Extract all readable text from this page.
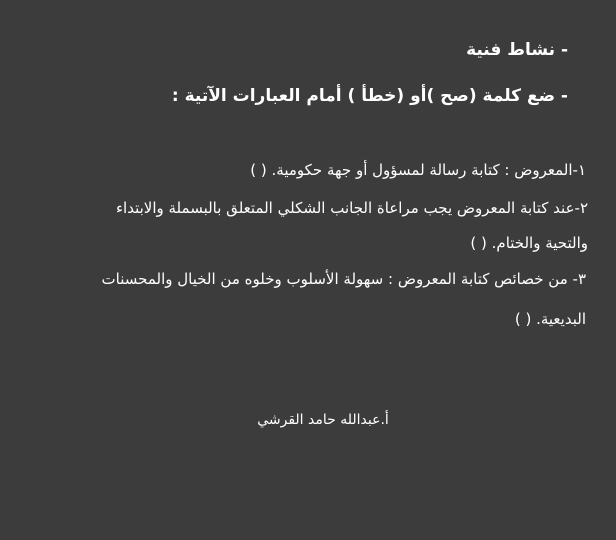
- نشاط فنية
- ضع كلمة (صح )أو (خطأ ) أمام العبارات الآتية :
١-المعروض : كتابة رسالة لمسؤول أو جهة حكومية. ( )
٢-عند كتابة المعروض يجب مراعاة الجانب الشكلي المتعلق بالبسملة والابتداء
والتحية والختام. ( )
٣- من خصائص كتابة المعروض : سهولة الأسلوب وخلوه من الخيال والمحسنات
البديعية. ( )
أ.عبدالله حامد القرشي
